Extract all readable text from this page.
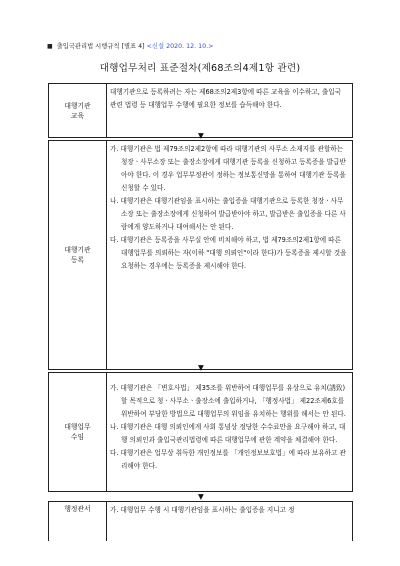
■ 출입국관리법 시행규칙 [별표 4] <신설 2020. 12. 10.>
대행업무처리 표준절차(제68조의4제1항 관련)
대행기관
교육

대행기관으로 등록하려는 자는 제68조의2제3항에 따른 교육을 이수하고, 출입국 관련 법령 등 대행업무 수행에 필요한 정보를 습득해야 한다.

▼
대행기관
등록

가. 대행기관은 법 제79조의2제2항에 따라 대행기관의 사무소 소재지를 관할하는 청장ㆍ사무소장 또는 출장소장에게 대행기관 등록을 신청하고 등록증을 발급받아야 한다. 이 경우 업무부정관이 정하는 정보통신망을 통하여 대행기관 등록을 신청할 수 있다.

나. 대행기관은 대행기관임을 표시하는 출입증을 대행기관으로 등록한 청장ㆍ사무소장 또는 출장소장에게 신청하여 발급받아야 하고, 발급받은 출입증을 다른 사람에게 양도하거나 대여해서는 안 된다.

다. 대행기관은 등록증을 사무실 안에 비치해야 하고, 법 제79조의2제1항에 따른 대행업무를 의뢰하는 자(이하 "대행 의뢰인"이라 한다)가 등록증을 제시할 것을 요청하는 경우에는 등록증을 제시해야 한다.

▼
대행업무
수임

가. 대행기관은 「변호사법」 제35조를 위반하여 대행업무를 유상으로 유치(誘致)할 목적으로 청ㆍ사무소ㆍ출장소에 출입하거나, 「행정사법」 제22조제6호를 위반하여 부당한 방법으로 대행업무의 위임을 유치하는 행위를 해서는 안 된다.

나. 대행기관은 대행 의뢰인에게 사회 통념상 정당한 수수료만을 요구해야 하고, 대행 의뢰인과 출입국관리법령에 따른 대행업무에 관한 계약을 체결해야 한다.

다. 대행기관은 업무상 취득한 개인정보를 「개인정보보호법」에 따라 보유하고 관리해야 한다.

▼
행정관서	가. 대행업무 수행 시 대행기관임을 표시하는 출입증을 지니고 정
